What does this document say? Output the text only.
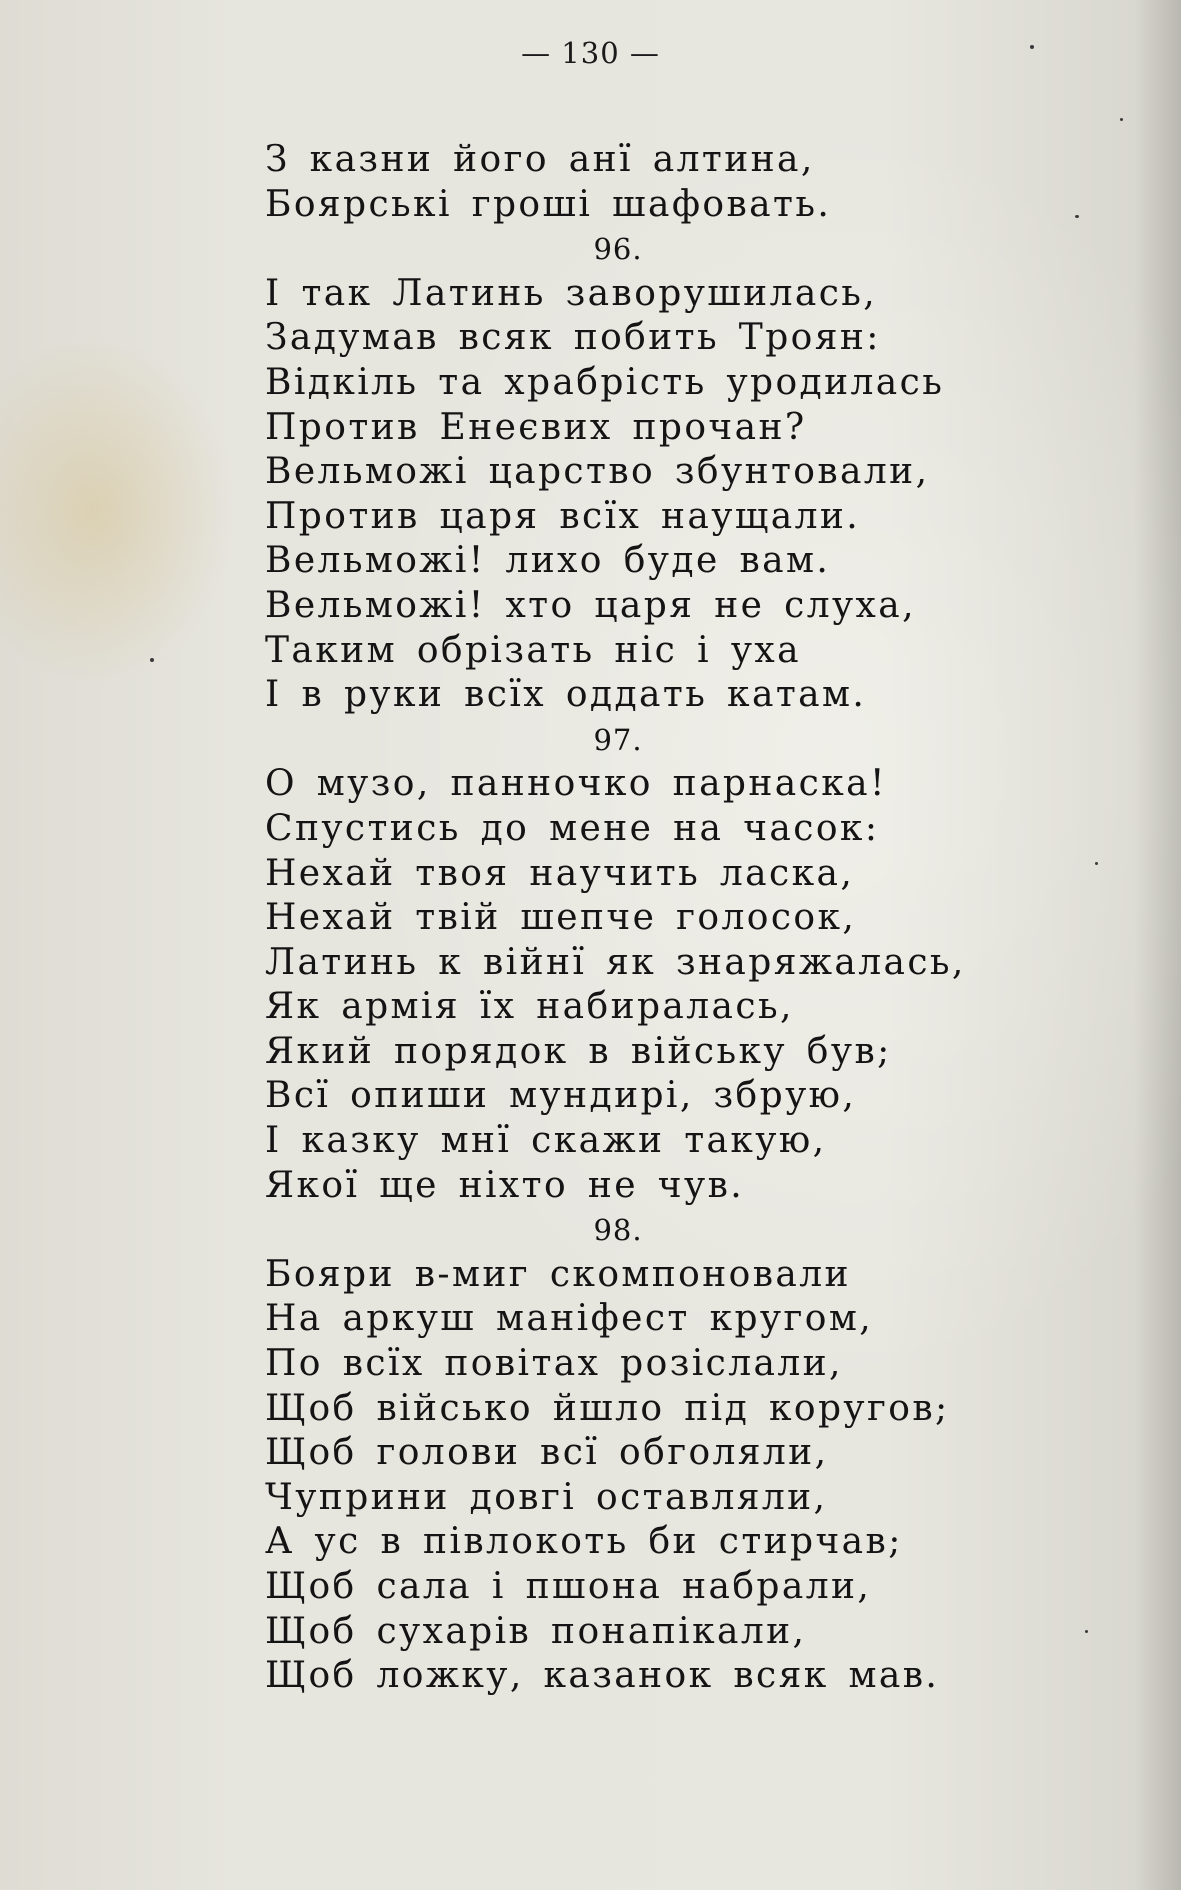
— 130 —
З казни його анї алтина,
Боярські гроші шафовать.
96.
I так Латинь заворушилась,
Задумав всяк побить Троян:
Відкіль та храбрість уродилась
Против Енеєвих прочан?
Вельможі царство збунтовали,
Против царя всїх наущали.
Вельможі! лихо буде вам.
Вельможі! хто царя не слуха,
Таким обрізать ніс і уха
I в руки всїх оддать катам.
97.
О музо, панночко парнаска!
Спустись до мене на часок:
Нехай твоя научить ласка,
Нехай твій шепче голосок,
Латинь к війнї як знаряжалась,
Як армія їх набиралась,
Який порядок в війську був;
Всї опиши мундирі, збрую,
I казку мнї скажи такую,
Якої ще ніхто не чув.
98.
Бояри в-миг скомпоновали
На аркуш маніфест кругом,
По всїх повітах розіслали,
Щоб військо йшло під коругов;
Щоб голови всї обголяли,
Чуприни довгі оставляли,
А ус в півлокоть би стирчав;
Щоб сала і пшона набрали,
Щоб сухарів понапікали,
Щоб ложку, казанок всяк мав.
